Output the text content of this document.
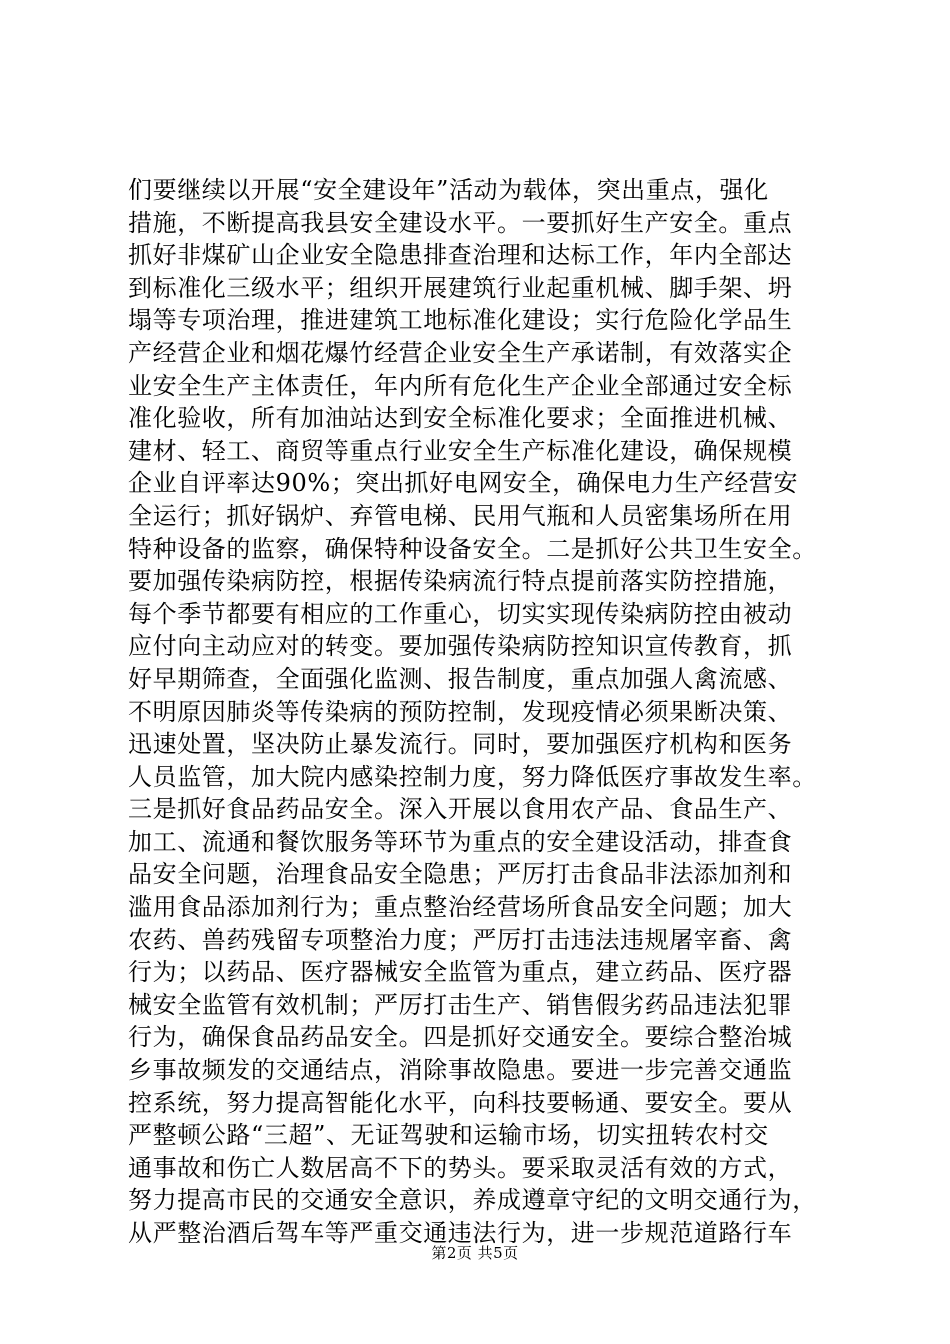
们要继续以开展“安全建设年”活动为载体，突出重点，强化
措施，不断提高我县安全建设水平。一要抓好生产安全。重点
抓好非煤矿山企业安全隐患排查治理和达标工作，年内全部达
到标准化三级水平；组织开展建筑行业起重机械、脚手架、坍
塌等专项治理，推进建筑工地标准化建设；实行危险化学品生
产经营企业和烟花爆竹经营企业安全生产承诺制，有效落实企
业安全生产主体责任，年内所有危化生产企业全部通过安全标
准化验收，所有加油站达到安全标准化要求；全面推进机械、
建材、轻工、商贸等重点行业安全生产标准化建设，确保规模
企业自评率达90%；突出抓好电网安全，确保电力生产经营安
全运行；抓好锅炉、弃管电梯、民用气瓶和人员密集场所在用
特种设备的监察，确保特种设备安全。二是抓好公共卫生安全。
要加强传染病防控，根据传染病流行特点提前落实防控措施，
每个季节都要有相应的工作重心，切实实现传染病防控由被动
应付向主动应对的转变。要加强传染病防控知识宣传教育，抓
好早期筛查，全面强化监测、报告制度，重点加强人禽流感、
不明原因肺炎等传染病的预防控制，发现疫情必须果断决策、
迅速处置，坚决防止暴发流行。同时，要加强医疗机构和医务
人员监管，加大院内感染控制力度，努力降低医疗事故发生率。
三是抓好食品药品安全。深入开展以食用农产品、食品生产、
加工、流通和餐饮服务等环节为重点的安全建设活动，排查食
品安全问题，治理食品安全隐患；严厉打击食品非法添加剂和
滥用食品添加剂行为；重点整治经营场所食品安全问题；加大
农药、兽药残留专项整治力度；严厉打击违法违规屠宰畜、禽
行为；以药品、医疗器械安全监管为重点，建立药品、医疗器
械安全监管有效机制；严厉打击生产、销售假劣药品违法犯罪
行为，确保食品药品安全。四是抓好交通安全。要综合整治城
乡事故频发的交通结点，消除事故隐患。要进一步完善交通监
控系统，努力提高智能化水平，向科技要畅通、要安全。要从
严整顿公路“三超”、无证驾驶和运输市场，切实扭转农村交
通事故和伤亡人数居高不下的势头。要采取灵活有效的方式，
努力提高市民的交通安全意识，养成遵章守纪的文明交通行为，
从严整治酒后驾车等严重交通违法行为，进一步规范道路行车
第2页 共5页
